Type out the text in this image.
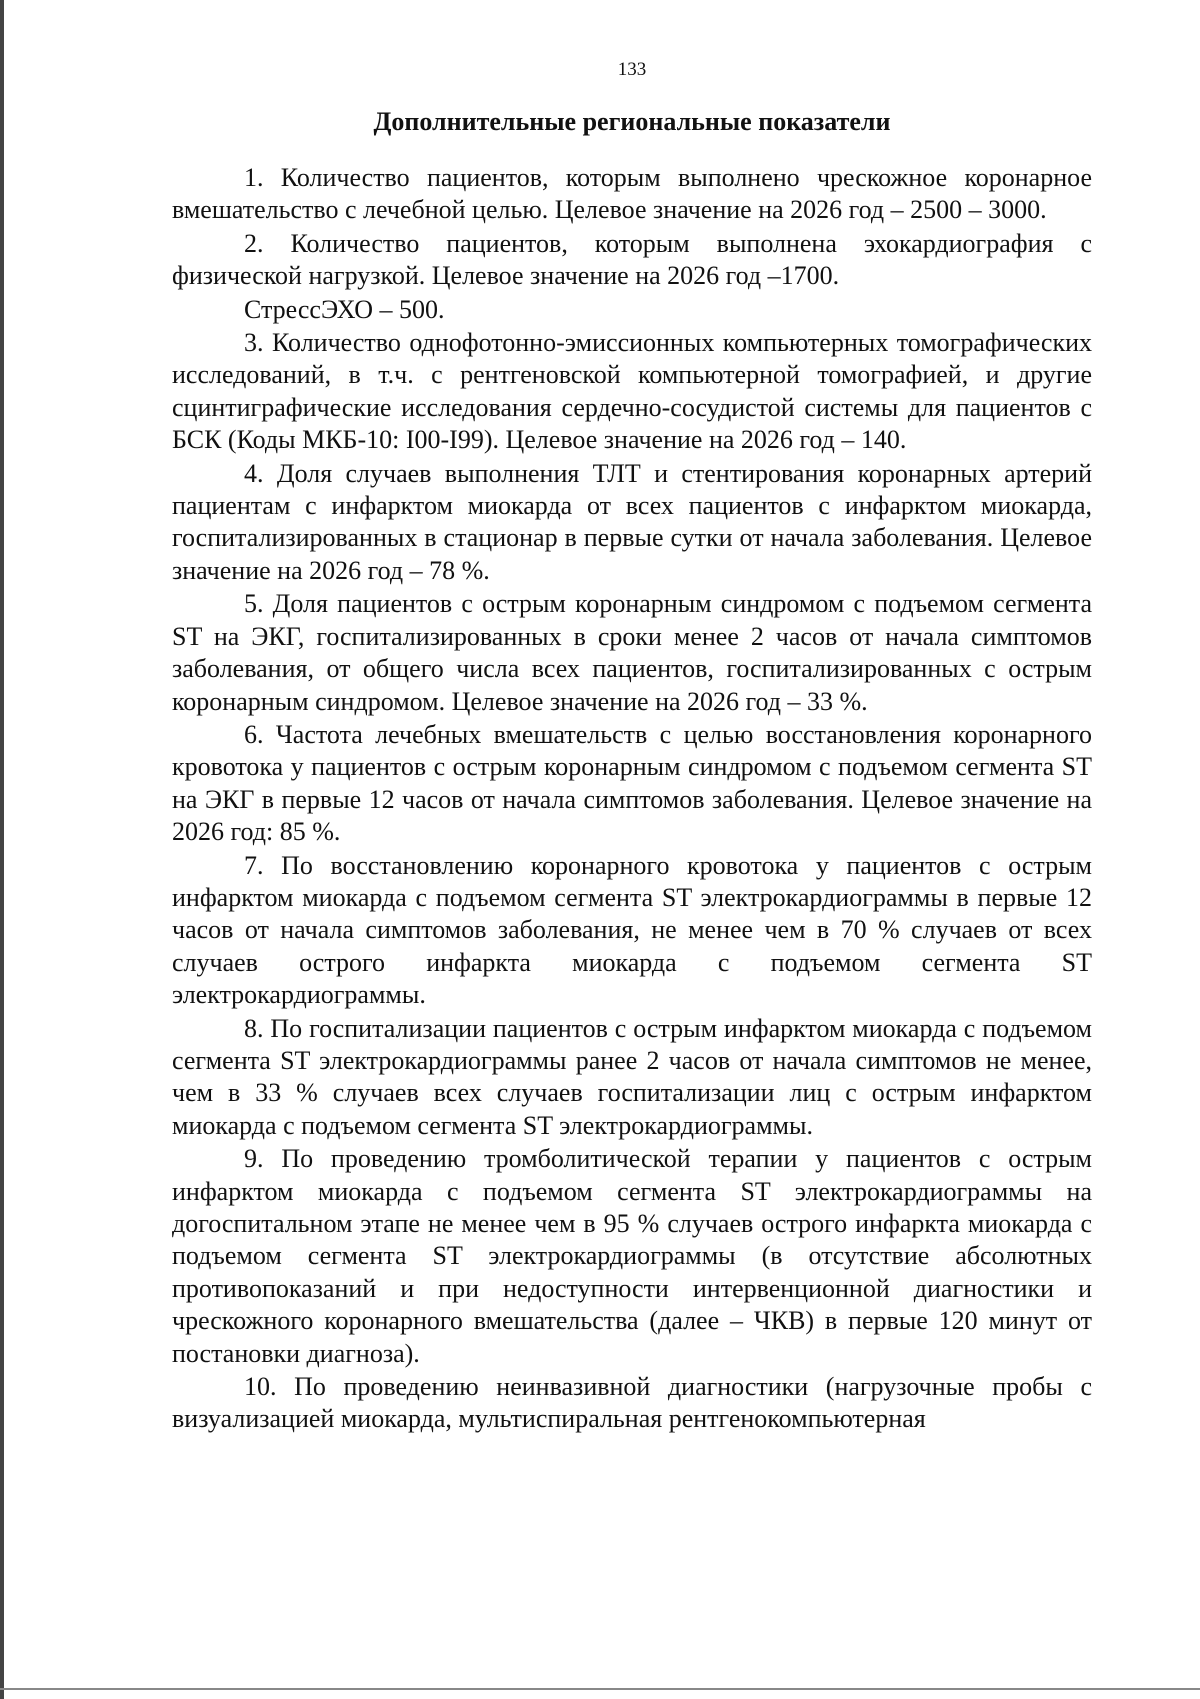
133
Дополнительные региональные показатели

1. Количество пациентов, которым выполнено чрескожное коронарное вмешательство с лечебной целью. Целевое значение на 2026 год – 2500 – 3000.

2. Количество пациентов, которым выполнена эхокардиография с физической нагрузкой. Целевое значение на 2026 год –1700.

СтрессЭХО – 500.

3. Количество однофотонно-эмиссионных компьютерных томографических исследований, в т.ч. с рентгеновской компьютерной томографией, и другие сцинтиграфические исследования сердечно-сосудистой системы для пациентов с БСК (Коды МКБ-10: I00-I99). Целевое значение на 2026 год – 140.

4. Доля случаев выполнения ТЛТ и стентирования коронарных артерий пациентам с инфарктом миокарда от всех пациентов с инфарктом миокарда, госпитализированных в стационар в первые сутки от начала заболевания. Целевое значение на 2026 год – 78 %.

5. Доля пациентов с острым коронарным синдромом с подъемом сегмента ST на ЭКГ, госпитализированных в сроки менее 2 часов от начала симптомов заболевания, от общего числа всех пациентов, госпитализированных с острым коронарным синдромом. Целевое значение на 2026 год – 33 %.

6. Частота лечебных вмешательств с целью восстановления коронарного кровотока у пациентов с острым коронарным синдромом с подъемом сегмента ST на ЭКГ в первые 12 часов от начала симптомов заболевания. Целевое значение на 2026 год: 85 %.

7. По восстановлению коронарного кровотока у пациентов с острым инфарктом миокарда с подъемом сегмента ST электрокардиограммы в первые 12 часов от начала симптомов заболевания, не менее чем в 70 % случаев от всех случаев острого инфаркта миокарда с подъемом сегмента ST электрокардиограммы.

8. По госпитализации пациентов с острым инфарктом миокарда с подъемом сегмента ST электрокардиограммы ранее 2 часов от начала симптомов не менее, чем в 33 % случаев всех случаев госпитализации лиц с острым инфарктом миокарда с подъемом сегмента ST электрокардиограммы.

9. По проведению тромболитической терапии у пациентов с острым инфарктом миокарда с подъемом сегмента ST электрокардиограммы на догоспитальном этапе не менее чем в 95 % случаев острого инфаркта миокарда с подъемом сегмента ST электрокардиограммы (в отсутствие абсолютных противопоказаний и при недоступности интервенционной диагностики и чрескожного коронарного вмешательства (далее – ЧКВ) в первые 120 минут от постановки диагноза).

10. По проведению неинвазивной диагностики (нагрузочные пробы с визуализацией миокарда, мультиспиральная рентгенокомпьютерная
